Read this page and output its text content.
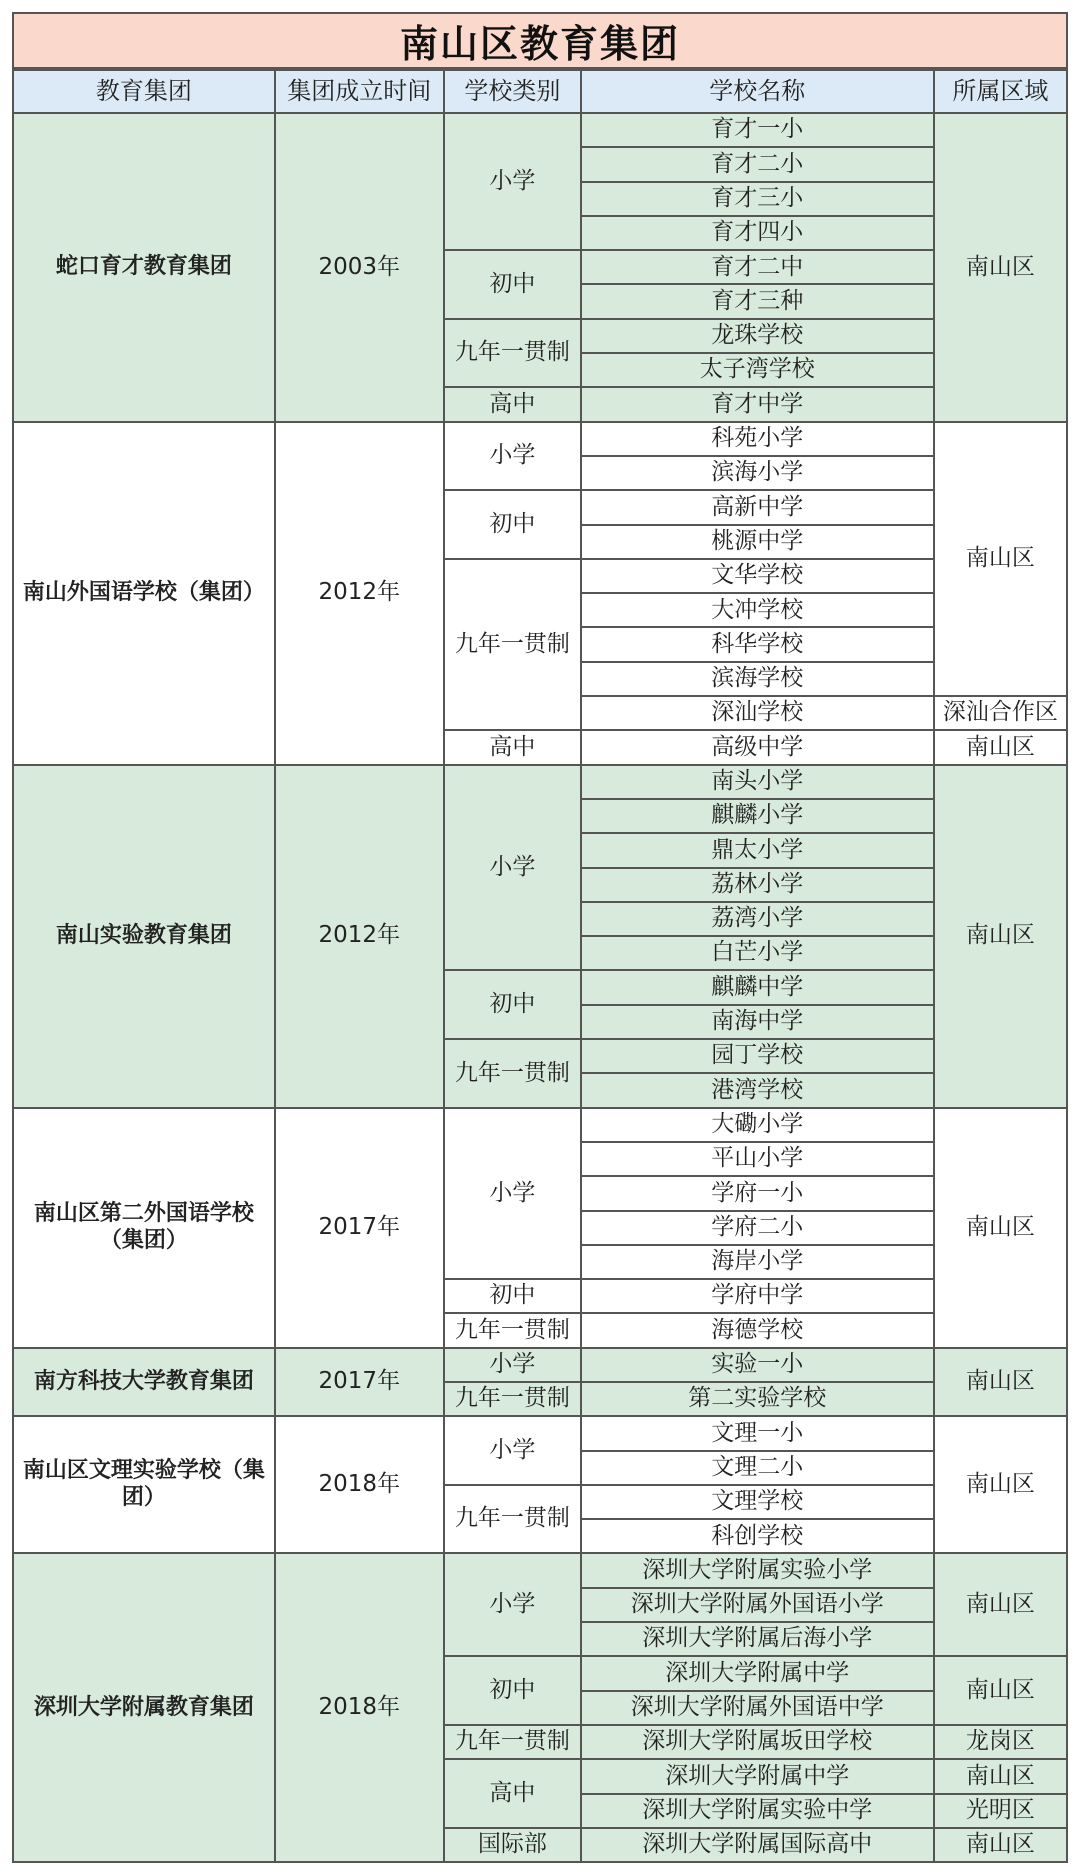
南山区教育集团
教育集团	集团成立时间	学校类别	学校名称	所属区域
蛇口育才教育集团	2003年	小学	育才一小	南山区
			育才二小	
			育才三小	
			育才四小	
		初中	育才二中	
			育才三种	
		九年一贯制	龙珠学校	
			太子湾学校	
		高中	育才中学	
南山外国语学校（集团）	2012年	小学	科苑小学	南山区
			滨海小学	
		初中	高新中学	
			桃源中学	
		九年一贯制	文华学校	
			大冲学校	
			科华学校	
			滨海学校	
			深汕学校	深汕合作区
		高中	高级中学	南山区
南山实验教育集团	2012年	小学	南头小学	南山区
			麒麟小学	
			鼎太小学	
			荔林小学	
			荔湾小学	
			白芒小学	
		初中	麒麟中学	
			南海中学	
		九年一贯制	园丁学校	
			港湾学校	
南山区第二外国语学校（集团）	2017年	小学	大磡小学	南山区
			平山小学	
			学府一小	
			学府二小	
			海岸小学	
		初中	学府中学	
		九年一贯制	海德学校	
南方科技大学教育集团	2017年	小学	实验一小	南山区
		九年一贯制	第二实验学校	
南山区文理实验学校（集团）	2018年	小学	文理一小	南山区
			文理二小	
		九年一贯制	文理学校	
			科创学校	
深圳大学附属教育集团	2018年	小学	深圳大学附属实验小学	南山区
			深圳大学附属外国语小学	
			深圳大学附属后海小学	
		初中	深圳大学附属中学	南山区
			深圳大学附属外国语中学	
		九年一贯制	深圳大学附属坂田学校	龙岗区
		高中	深圳大学附属中学	南山区
			深圳大学附属实验中学	光明区
		国际部	深圳大学附属国际高中	南山区
